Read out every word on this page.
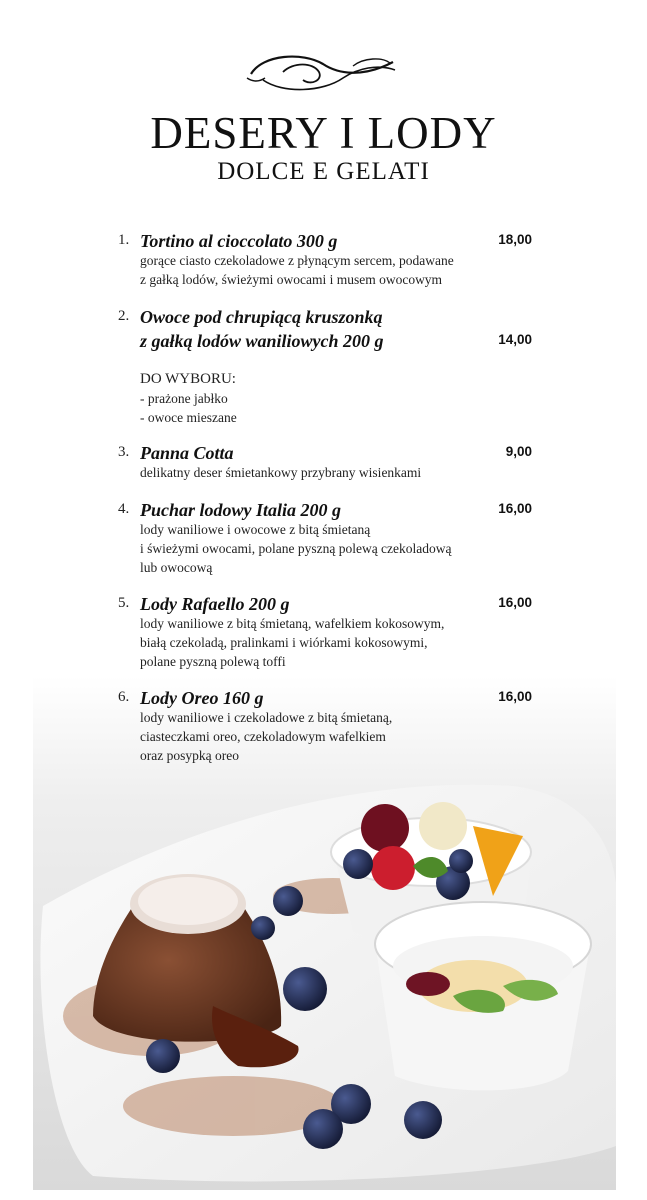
DESERY I LODY
DOLCE E GELATI
1. Tortino al cioccolato 300 g	18,00
gorące ciasto czekoladowe z płynącym sercem, podawane
z gałką lodów, świeżymi owocami i musem owocowym
2. Owoce pod chrupiącą kruszonką
z gałką lodów waniliowych 200 g	14,00
DO WYBORU:
- prażone jabłko
- owoce mieszane
3. Panna Cotta	9,00
delikatny deser śmietankowy przybrany wisienkami
4. Puchar lodowy Italia 200 g	16,00
lody waniliowe i owocowe z bitą śmietaną
i świeżymi owocami, polane pyszną polewą czekoladową
lub owocową
5. Lody Rafaello 200 g	16,00
lody waniliowe z bitą śmietaną, wafelkiem kokosowym,
białą czekoladą, pralinkami i wiórkami kokosowymi,
polane pyszną polewą toffi
6. Lody Oreo 160 g	16,00
lody waniliowe i czekoladowe z bitą śmietaną,
ciasteczkami oreo, czekoladowym wafelkiem
oraz posypką oreo
